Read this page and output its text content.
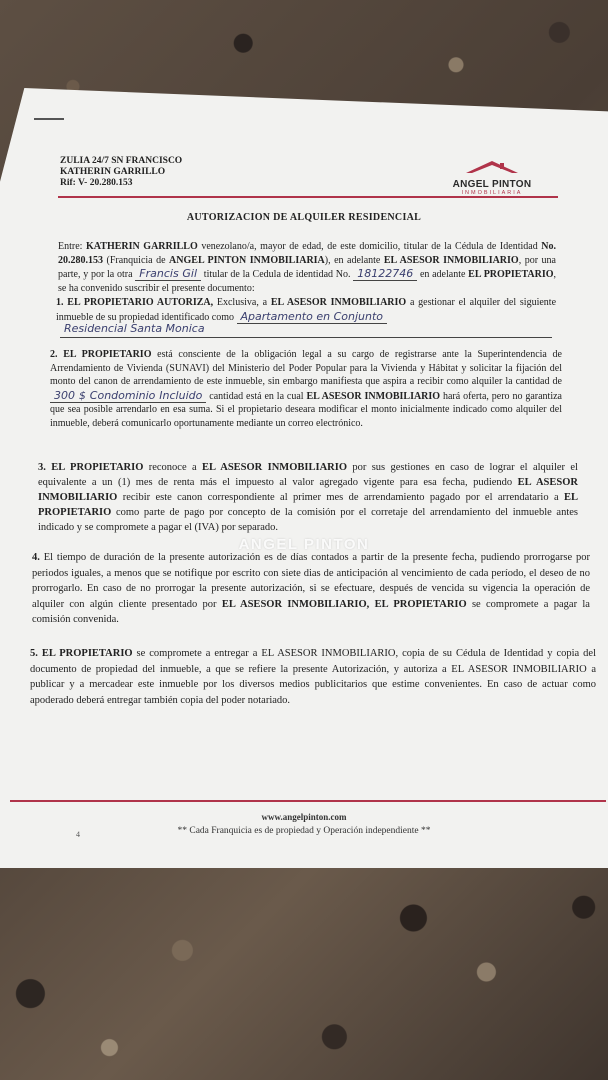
ZULIA 24/7 SN FRANCISCO
KATHERIN GARRILLO
Rif: V- 20.280.153	ANGEL PINTON
INMOBILIARIA
AUTORIZACION DE ALQUILER RESIDENCIAL
Entre: KATHERIN GARRILLO venezolano/a, mayor de edad, de este domicilio, titular de la Cédula de Identidad No. 20.280.153 (Franquicia de ANGEL PINTON INMOBILIARIA), en adelante EL ASESOR INMOBILIARIO, por una parte, y por la otra Francis Gil titular de la Cedula de identidad No. 18122746 en adelante EL PROPIETARIO, se ha convenido suscribir el presente documento:
1. EL PROPIETARIO AUTORIZA, Exclusiva, a EL ASESOR INMOBILIARIO a gestionar el alquiler del siguiente inmueble de su propiedad identificado como Apartamento en Conjunto
Residencial Santa Monica
2. EL PROPIETARIO está consciente de la obligación legal a su cargo de registrarse ante la Superintendencia de Arrendamiento de Vivienda (SUNAVI) del Ministerio del Poder Popular para la Vivienda y Hábitat y solicitar la fijación del monto del canon de arrendamiento de este inmueble, sin embargo manifiesta que aspira a recibir como alquiler la cantidad de 300 $ Condominio Incluido cantidad está en la cual EL ASESOR INMOBILIARIO hará oferta, pero no garantiza que sea posible arrendarlo en esa suma. Si el propietario deseara modificar el monto inicialmente indicado como alquiler del inmueble, deberá comunicarlo oportunamente mediante un correo electrónico.
3. EL PROPIETARIO reconoce a EL ASESOR INMOBILIARIO por sus gestiones en caso de lograr el alquiler el equivalente a un (1) mes de renta más el impuesto al valor agregado vigente para esa fecha, pudiendo EL ASESOR INMOBILIARIO recibir este canon correspondiente al primer mes de arrendamiento pagado por el arrendatario a EL PROPIETARIO como parte de pago por concepto de la comisión por el corretaje del arrendamiento del inmueble antes indicado y se compromete a pagar el (IVA) por separado.
ANGEL PINTON
4. El tiempo de duración de la presente autorización es de días contados a partir de la presente fecha, pudiendo prorrogarse por periodos iguales, a menos que se notifique por escrito con siete dias de anticipación al vencimiento de cada período, el deseo de no prorrogarlo. En caso de no prorrogar la presente autorización, si se efectuare, después de vencida su vigencia la operación de alquiler con algún cliente presentado por EL ASESOR INMOBILIARIO, EL PROPIETARIO se compromete a pagar la comisión convenida.
5. EL PROPIETARIO se compromete a entregar a EL ASESOR INMOBILIARIO, copia de su Cédula de Identidad y copia del documento de propiedad del inmueble, a que se refiere la presente Autorización, y autoriza a EL ASESOR INMOBILIARIO a publicar y a mercadear este inmueble por los diversos medios publicitarios que estime convenientes. En caso de actuar como apoderado deberá entregar también copia del poder notariado.
www.angelpinton.com
** Cada Franquicia es de propiedad y Operación independiente **
4
